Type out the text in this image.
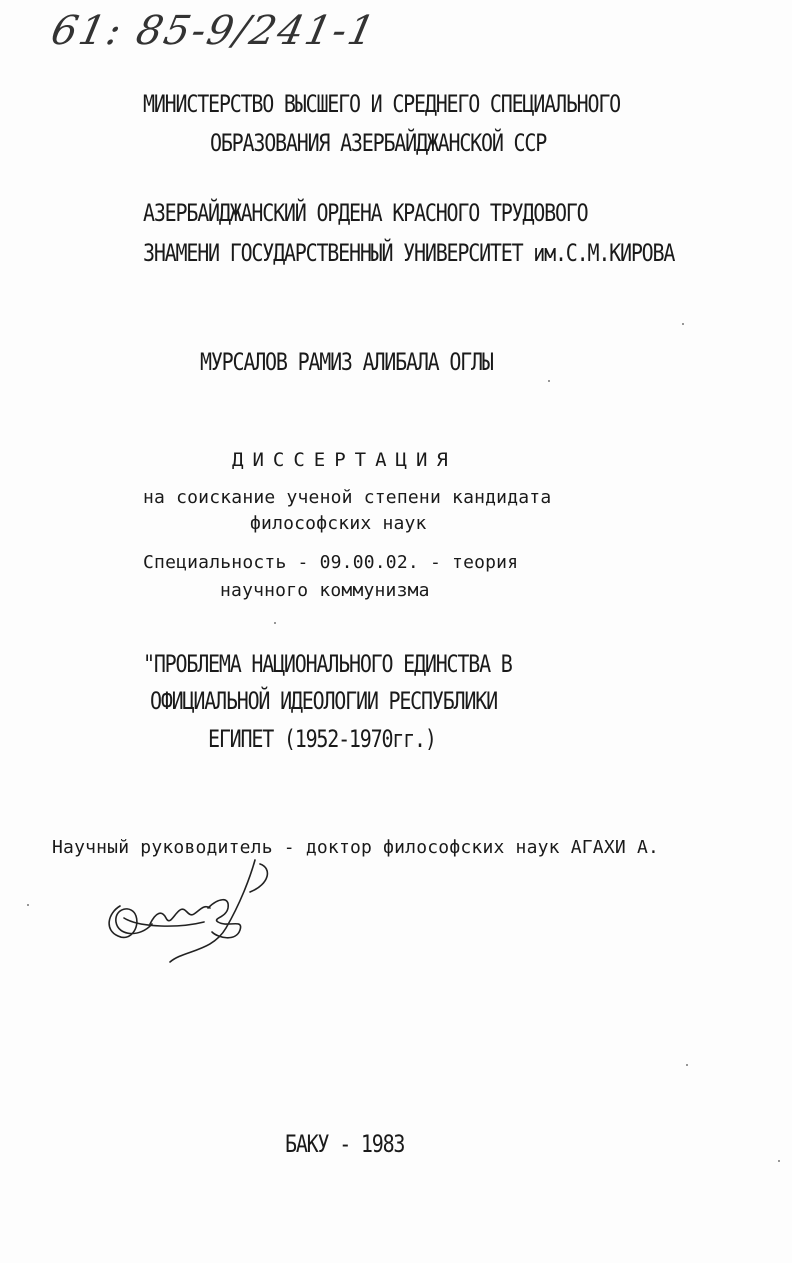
61: 85-9/241-1
МИНИСТЕРСТВО ВЫСШЕГО И СРЕДНЕГО СПЕЦИАЛЬНОГО
ОБРАЗОВАНИЯ АЗЕРБАЙДЖАНСКОЙ ССР
АЗЕРБАЙДЖАНСКИЙ ОРДЕНА КРАСНОГО ТРУДОВОГО
ЗНАМЕНИ ГОСУДАРСТВЕННЫЙ УНИВЕРСИТЕТ им.С.М.КИРОВА
МУРСАЛОВ РАМИЗ АЛИБАЛА ОГЛЫ
ДИССЕРТАЦИЯ
на соискание ученой степени кандидата
философских наук
Специальность - 09.00.02. - теория
научного коммунизма
"ПРОБЛЕМА НАЦИОНАЛЬНОГО ЕДИНСТВА В
ОФИЦИАЛЬНОЙ ИДЕОЛОГИИ РЕСПУБЛИКИ
ЕГИПЕТ (1952-1970гг.)
Научный руководитель - доктор философских наук АГАХИ А.
БАКУ - 1983
